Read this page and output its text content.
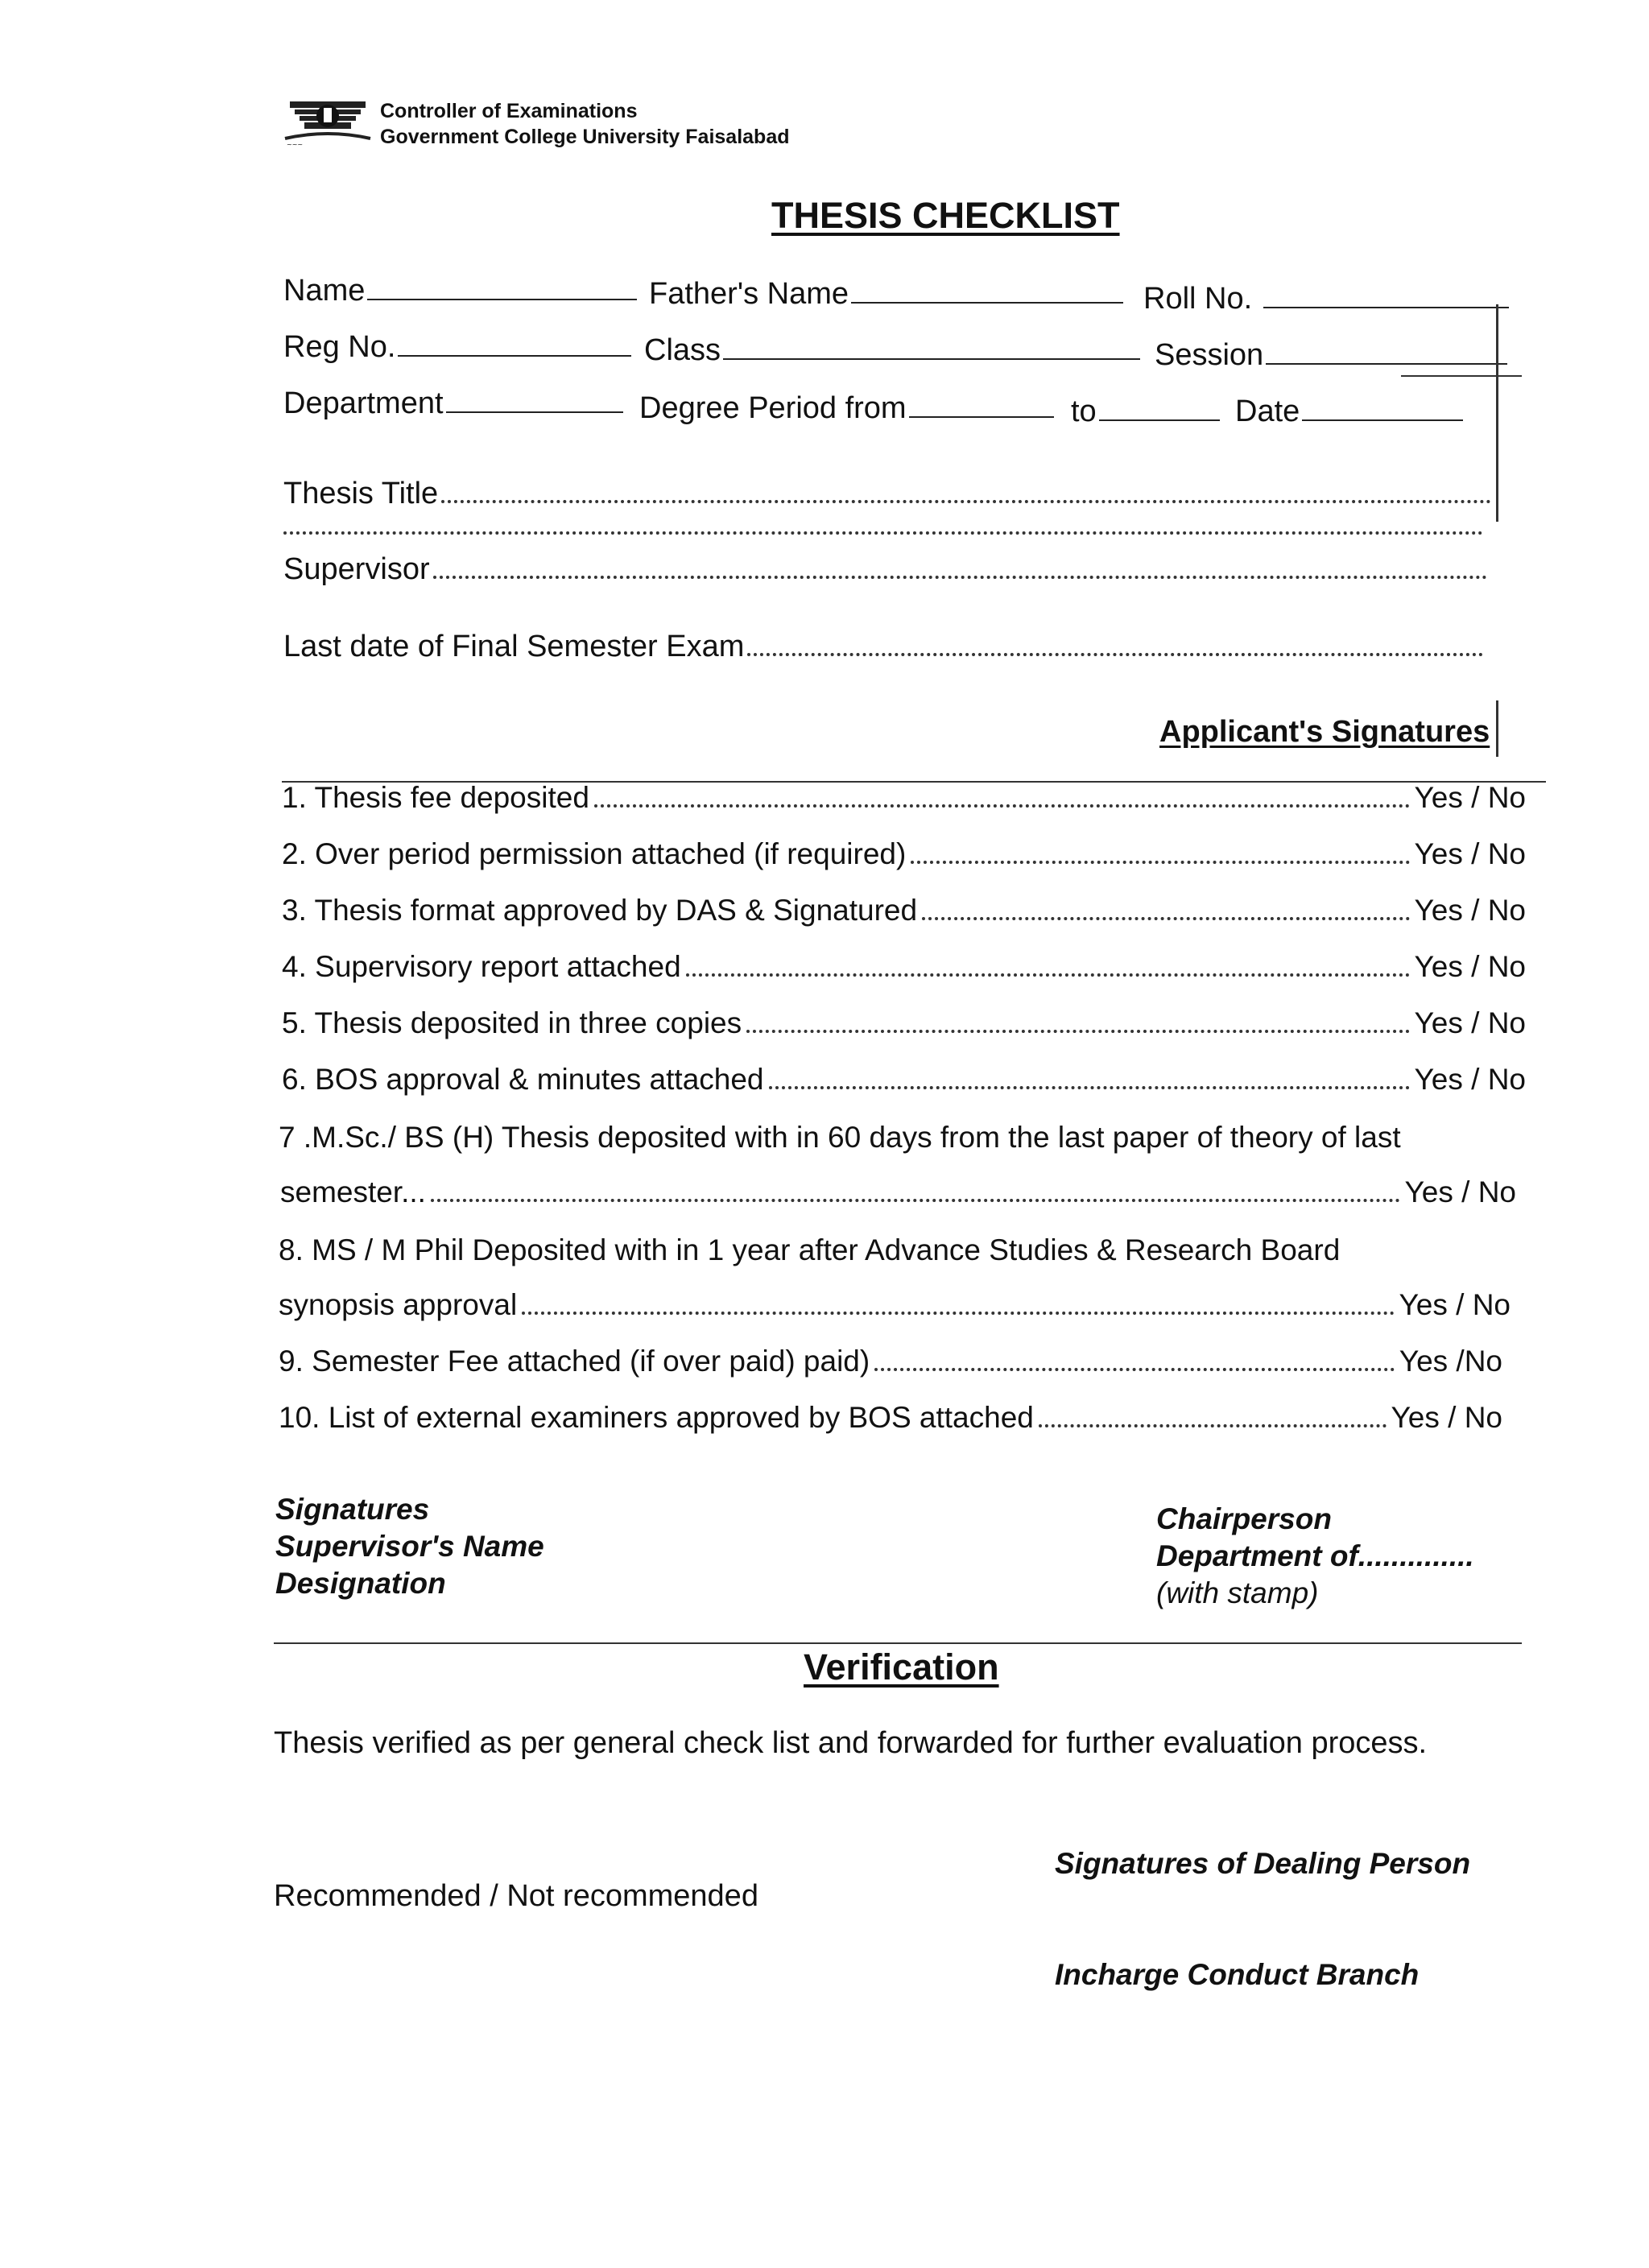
~~~
Controller of Examinations
Government College University Faisalabad
THESIS CHECKLIST
Name	Father's Name	Roll No.
Reg No.	Class	Session
Department	Degree Period from	to	Date
Thesis Title
Supervisor
Last date of Final Semester Exam
Applicant's Signatures
1. Thesis fee deposited	Yes / No
2. Over period permission attached (if required)	Yes / No
3. Thesis format approved by DAS & Signatured	Yes / No
4. Supervisory report attached	Yes / No
5. Thesis deposited in three copies	Yes / No
6. BOS approval & minutes attached	Yes / No
7 .M.Sc./ BS (H) Thesis deposited with in 60 days from the last paper of theory of last
semester...	Yes / No
8. MS / M Phil Deposited with in 1 year after Advance Studies & Research Board
synopsis approval	Yes / No
9. Semester Fee attached (if over paid) paid)	Yes /No
10. List of external examiners approved by BOS attached	Yes / No
Signatures
Supervisor's Name
Designation
Chairperson
Department of..............
(with stamp)
Verification
Thesis verified as per general check list and forwarded for further evaluation process.
Signatures of Dealing Person
Recommended / Not recommended
Incharge Conduct Branch
